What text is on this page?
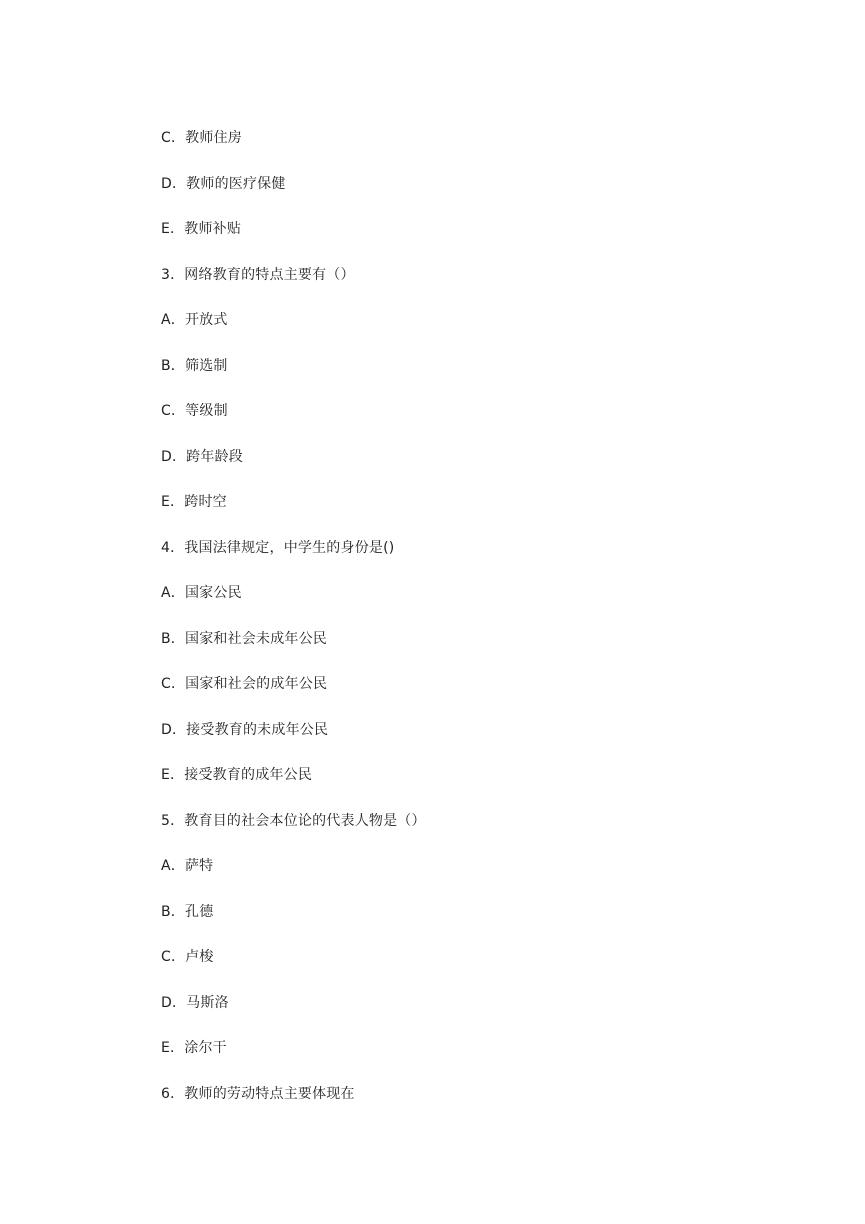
C．教师住房
D．教师的医疗保健
E．教师补贴
3．网络教育的特点主要有（）
A．开放式
B．筛选制
C．等级制
D．跨年龄段
E．跨时空
4．我国法律规定，中学生的身份是()
A．国家公民
B．国家和社会未成年公民
C．国家和社会的成年公民
D．接受教育的未成年公民
E．接受教育的成年公民
5．教育目的社会本位论的代表人物是（）
A．萨特
B．孔德
C．卢梭
D．马斯洛
E．涂尔干
6．教师的劳动特点主要体现在
